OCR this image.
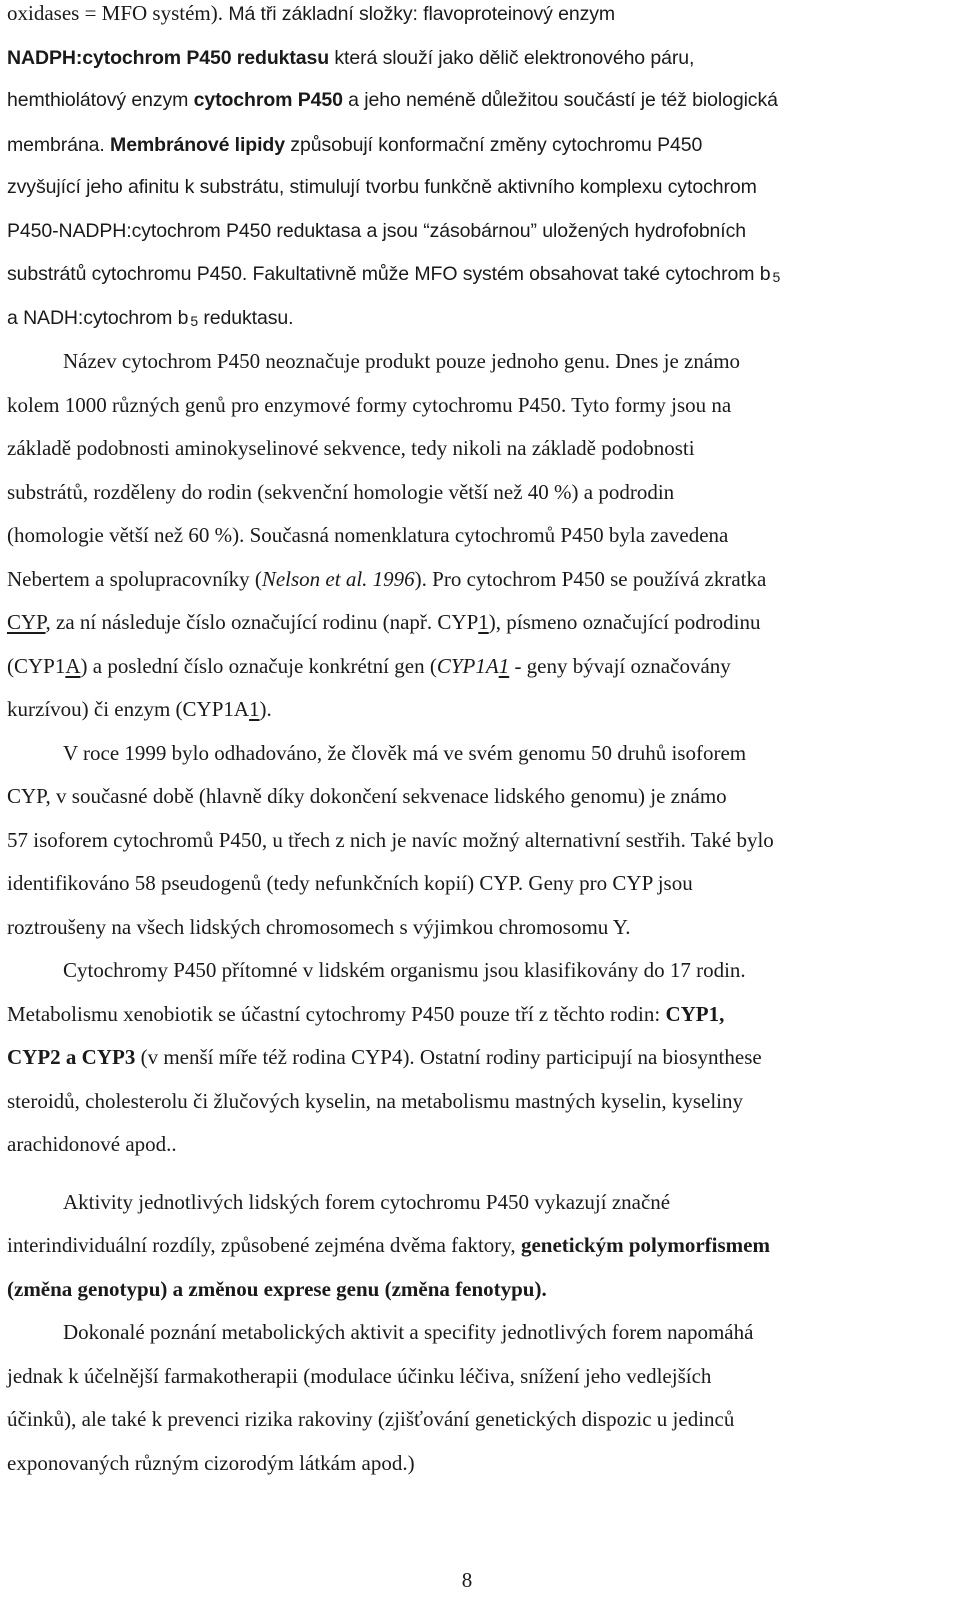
oxidases = MFO systém). Má tři základní složky: flavoproteinový enzym
NADPH:cytochrom P450 reduktasu která slouží jako dělič elektronového páru,
hemthiolátový enzym cytochrom P450 a jeho neméně důležitou součástí je též biologická
membrána. Membránové lipidy způsobují konformační změny cytochromu P450
zvyšující jeho afinitu k substrátu, stimulují tvorbu funkčně aktivního komplexu cytochrom
P450-NADPH:cytochrom P450 reduktasa a jsou “zásobárnou” uložených hydrofobních
substrátů cytochromu P450. Fakultativně může MFO systém obsahovat také cytochrom b $_5$
a NADH:cytochrom b $_5$ reduktasu.
Název cytochrom P450 neoznačuje produkt pouze jednoho genu. Dnes je známo
kolem 1000 různých genů pro enzymové formy cytochromu P450. Tyto formy jsou na
základě podobnosti aminokyselinové sekvence, tedy nikoli na základě podobnosti
substrátů, rozděleny do rodin (sekvenční homologie větší než 40 %) a podrodin
(homologie větší než 60 %). Současná nomenklatura cytochromů P450 byla zavedena
Nebertem a spolupracovníky (Nelson et al. 1996). Pro cytochrom P450 se používá zkratka
CYP, za ní následuje číslo označující rodinu (např. CYP1), písmeno označující podrodinu
(CYP1A) a poslední číslo označuje konkrétní gen (CYP1A1 - geny bývají označovány
kurzívou) či enzym (CYP1A1).
V roce 1999 bylo odhadováno, že člověk má ve svém genomu 50 druhů isoforem
CYP, v současné době (hlavně díky dokončení sekvenace lidského genomu) je známo
57 isoforem cytochromů P450, u třech z nich je navíc možný alternativní sestřih. Také bylo
identifikováno 58 pseudogenů (tedy nefunkčních kopií) CYP. Geny pro CYP jsou
roztroušeny na všech lidských chromosomech s výjimkou chromosomu Y.
Cytochromy P450 přítomné v lidském organismu jsou klasifikovány do 17 rodin.
Metabolismu xenobiotik se účastní cytochromy P450 pouze tří z těchto rodin: CYP1,
CYP2 a CYP3 (v menší míře též rodina CYP4). Ostatní rodiny participují na biosynthese
steroidů, cholesterolu či žlučových kyselin, na metabolismu mastných kyselin, kyseliny
arachidonové apod..
Aktivity jednotlivých lidských forem cytochromu P450 vykazují značné
interindividuální rozdíly, způsobené zejména dvěma faktory, genetickým polymorfismem
(změna genotypu) a změnou exprese genu (změna fenotypu).
Dokonalé poznání metabolických aktivit a specifity jednotlivých forem napomáhá
jednak k účelnější farmakotherapii (modulace účinku léčiva, snížení jeho vedlejších
účinků), ale také k prevenci rizika rakoviny (zjišťování genetických dispozic u jedinců
exponovaných různým cizorodým látkám apod.)
8
